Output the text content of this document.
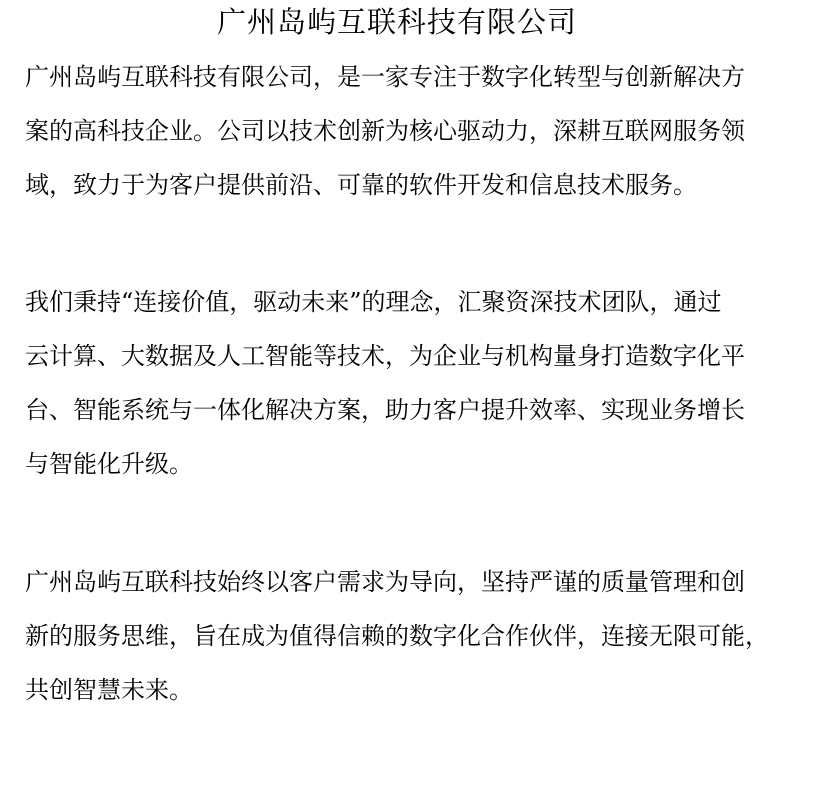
广州岛屿互联科技有限公司

广州岛屿互联科技有限公司，是一家专注于数字化转型与创新解决方
案的高科技企业。公司以技术创新为核心驱动力，深耕互联网服务领
域，致力于为客户提供前沿、可靠的软件开发和信息技术服务。

我们秉持“连接价值，驱动未来”的理念，汇聚资深技术团队，通过
云计算、大数据及人工智能等技术，为企业与机构量身打造数字化平
台、智能系统与一体化解决方案，助力客户提升效率、实现业务增长
与智能化升级。

广州岛屿互联科技始终以客户需求为导向，坚持严谨的质量管理和创
新的服务思维，旨在成为值得信赖的数字化合作伙伴，连接无限可能，
共创智慧未来。
